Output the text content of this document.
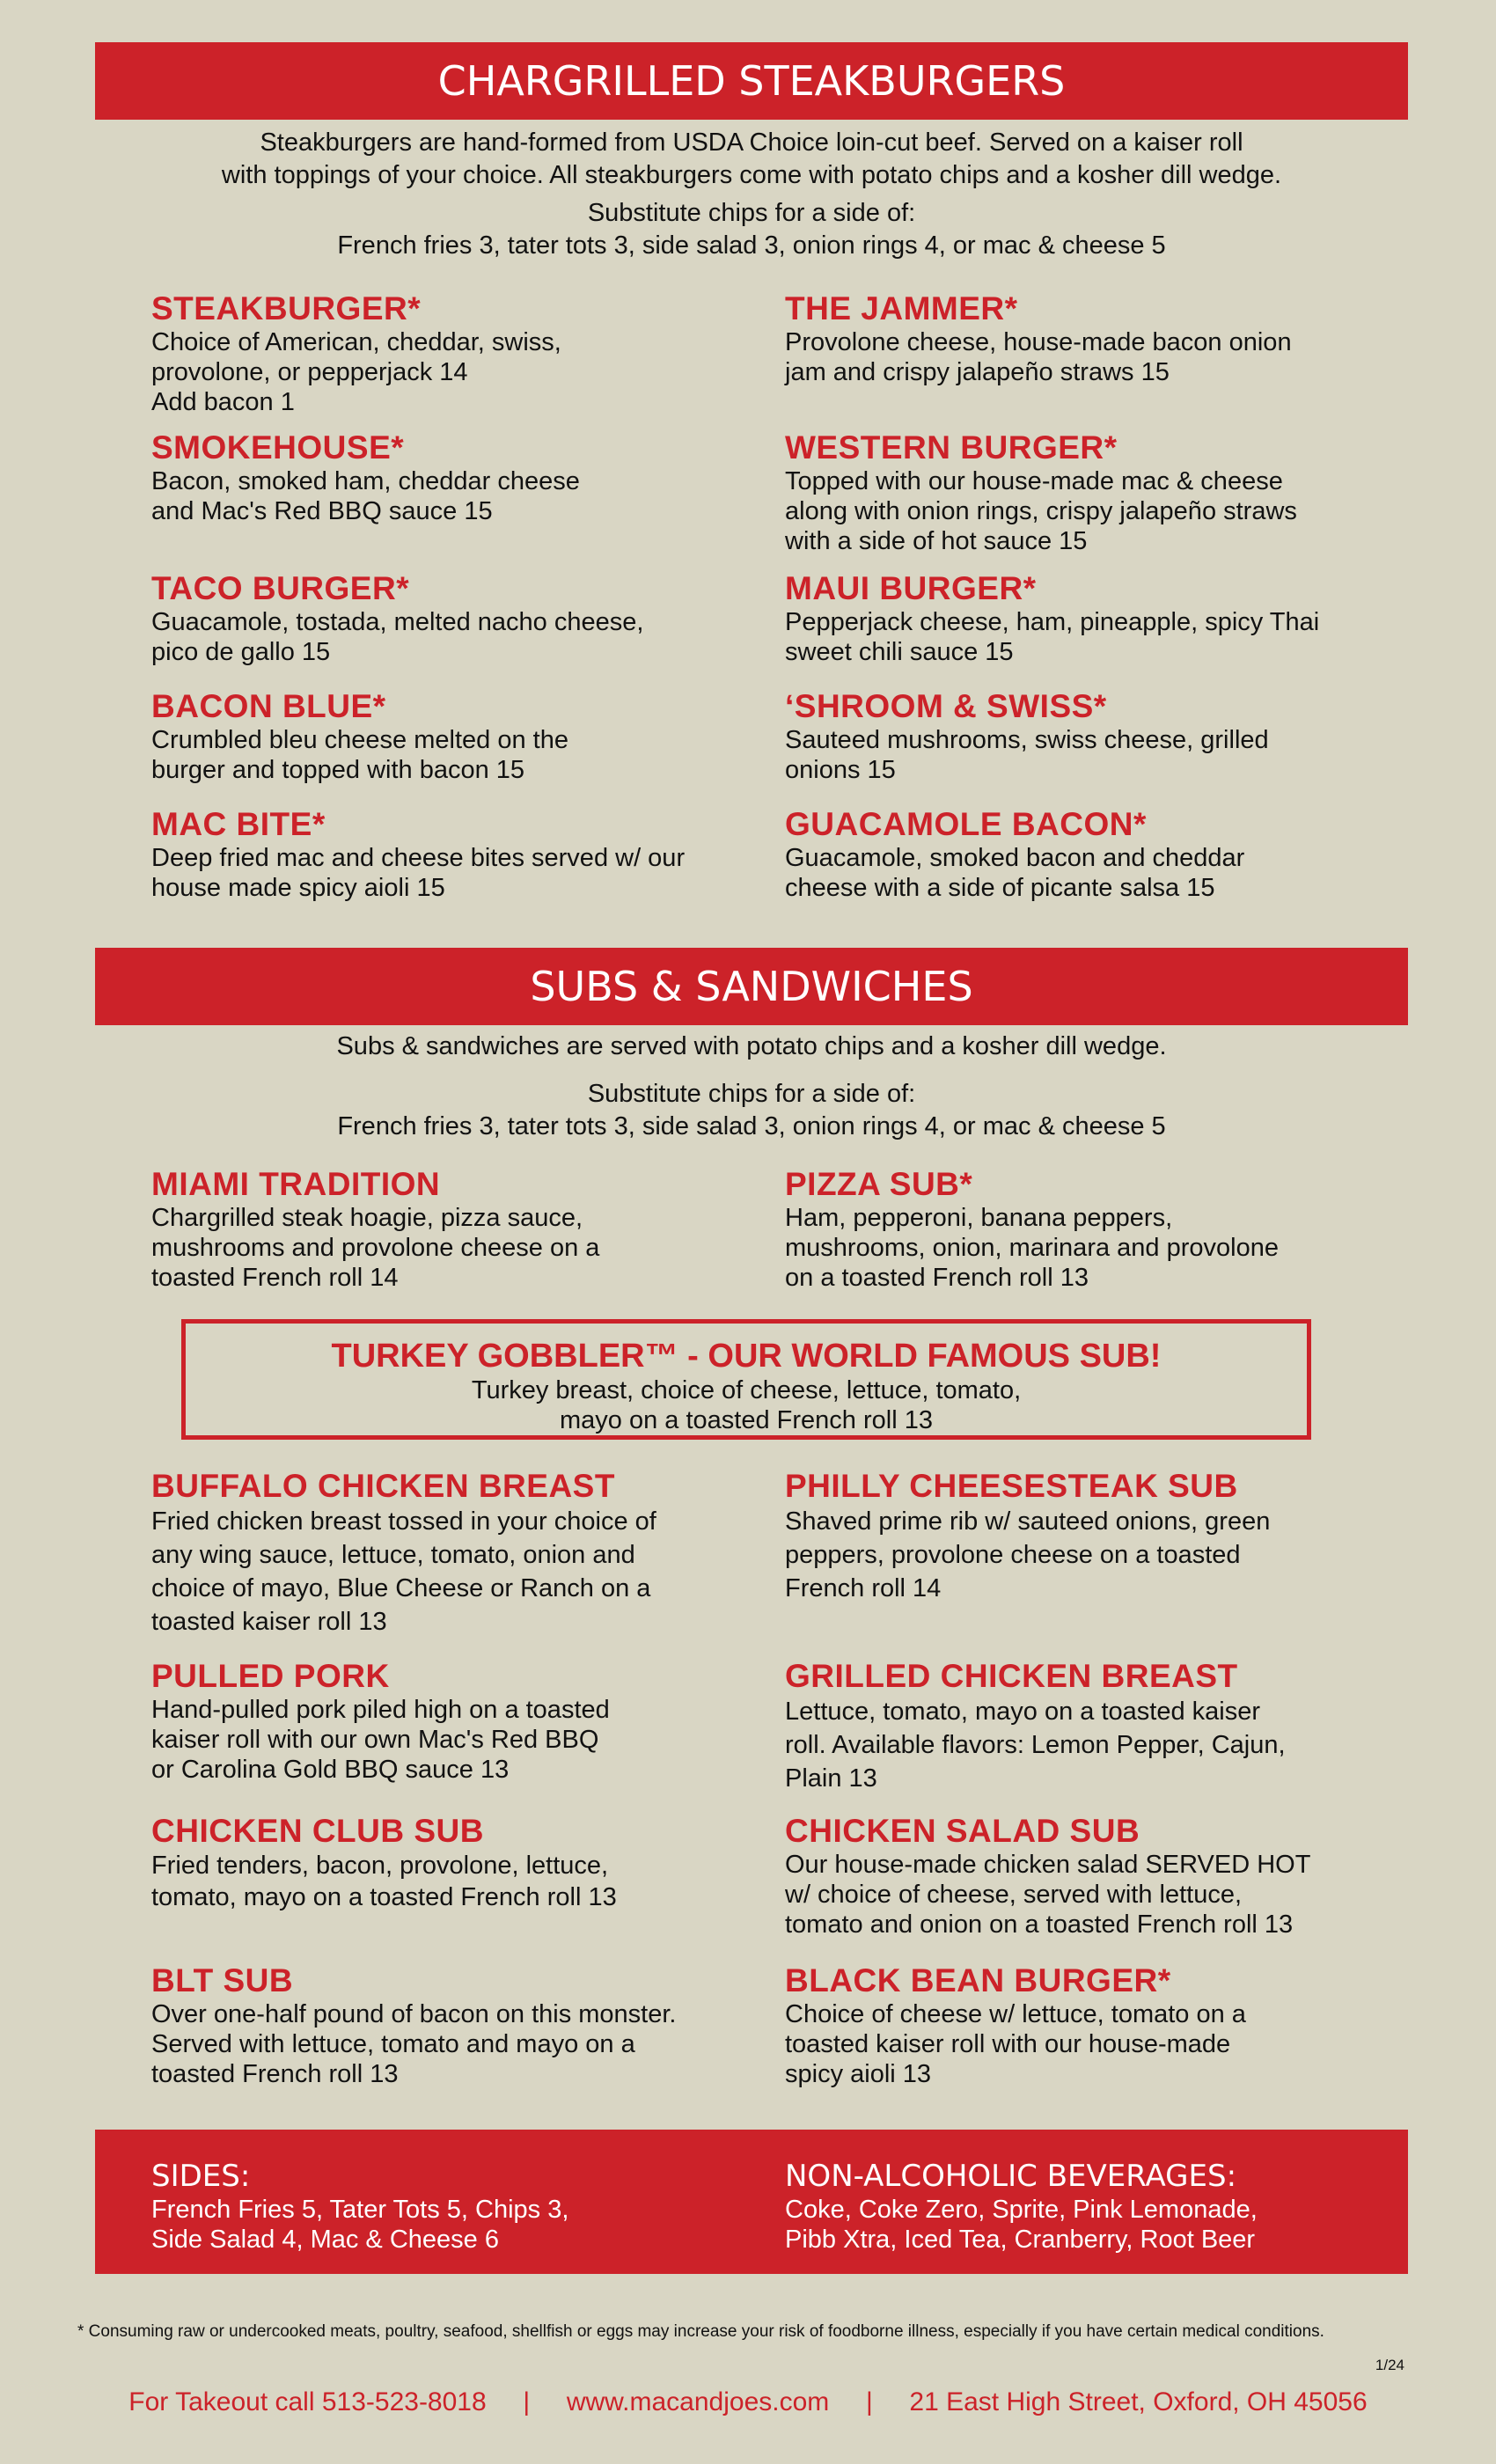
CHARGRILLED STEAKBURGERS
Steakburgers are hand-formed from USDA Choice loin-cut beef. Served on a kaiser roll
with toppings of your choice. All steakburgers come with potato chips and a kosher dill wedge.
Substitute chips for a side of:
French fries 3, tater tots 3, side salad 3, onion rings 4, or mac & cheese 5
STEAKBURGER*
Choice of American, cheddar, swiss,
provolone, or pepperjack 14
Add bacon 1
THE JAMMER*
Provolone cheese, house-made bacon onion
jam and crispy jalapeño straws 15
SMOKEHOUSE*
Bacon, smoked ham, cheddar cheese
and Mac's Red BBQ sauce 15
WESTERN BURGER*
Topped with our house-made mac & cheese
along with onion rings, crispy jalapeño straws
with a side of hot sauce 15
TACO BURGER*
Guacamole, tostada, melted nacho cheese,
pico de gallo 15
MAUI BURGER*
Pepperjack cheese, ham, pineapple, spicy Thai
sweet chili sauce 15
BACON BLUE*
Crumbled bleu cheese melted on the
burger and topped with bacon 15
‘SHROOM & SWISS*
Sauteed mushrooms, swiss cheese, grilled
onions 15
MAC BITE*
Deep fried mac and cheese bites served w/ our
house made spicy aioli 15
GUACAMOLE BACON*
Guacamole, smoked bacon and cheddar
cheese with a side of picante salsa 15
SUBS & SANDWICHES
Subs & sandwiches are served with potato chips and a kosher dill wedge.
Substitute chips for a side of:
French fries 3, tater tots 3, side salad 3, onion rings 4, or mac & cheese 5
MIAMI TRADITION
Chargrilled steak hoagie, pizza sauce,
mushrooms and provolone cheese on a
toasted French roll 14
PIZZA SUB*
Ham, pepperoni, banana peppers,
mushrooms, onion, marinara and provolone
on a toasted French roll 13
TURKEY GOBBLER™ - OUR WORLD FAMOUS SUB!
Turkey breast, choice of cheese, lettuce, tomato,
mayo on a toasted French roll 13
BUFFALO CHICKEN BREAST
Fried chicken breast tossed in your choice of
any wing sauce, lettuce, tomato, onion and
choice of mayo, Blue Cheese or Ranch on a
toasted kaiser roll 13
PHILLY CHEESESTEAK SUB
Shaved prime rib w/ sauteed onions, green
peppers, provolone cheese on a toasted
French roll 14
PULLED PORK
Hand-pulled pork piled high on a toasted
kaiser roll with our own Mac's Red BBQ
or Carolina Gold BBQ sauce 13
GRILLED CHICKEN BREAST
Lettuce, tomato, mayo on a toasted kaiser
roll. Available flavors: Lemon Pepper, Cajun,
Plain 13
CHICKEN CLUB SUB
Fried tenders, bacon, provolone, lettuce,
tomato, mayo on a toasted French roll 13
CHICKEN SALAD SUB
Our house-made chicken salad SERVED HOT
w/ choice of cheese, served with lettuce,
tomato and onion on a toasted French roll 13
BLT SUB
Over one-half pound of bacon on this monster.
Served with lettuce, tomato and mayo on a
toasted French roll 13
BLACK BEAN BURGER*
Choice of cheese w/ lettuce, tomato on a
toasted kaiser roll with our house-made
spicy aioli 13
SIDES:
French Fries 5, Tater Tots 5, Chips 3,
Side Salad 4, Mac & Cheese 6
NON-ALCOHOLIC BEVERAGES:
Coke, Coke Zero, Sprite, Pink Lemonade,
Pibb Xtra, Iced Tea, Cranberry, Root Beer
* Consuming raw or undercooked meats, poultry, seafood, shellfish or eggs may increase your risk of foodborne illness, especially if you have certain medical conditions.
1/24
For Takeout call 513-523-8018     |     www.macandjoes.com     |     21 East High Street, Oxford, OH 45056
